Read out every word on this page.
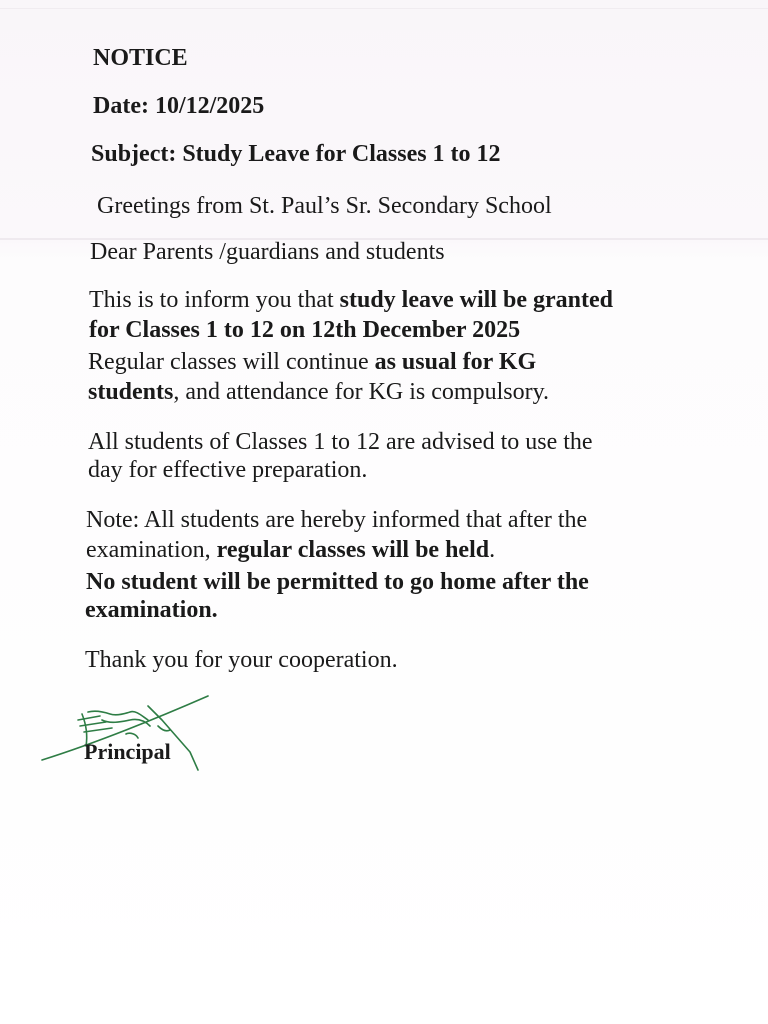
NOTICE
Date: 10/12/2025
Subject: Study Leave for Classes 1 to 12
Greetings from St. Paul’s Sr. Secondary School
Dear Parents /guardians and students
This is to inform you that study leave will be granted
for Classes 1 to 12 on 12th December 2025
Regular classes will continue as usual for KG
students, and attendance for KG is compulsory.
All students of Classes 1 to 12 are advised to use the
day for effective preparation.
Note: All students are hereby informed that after the
examination, regular classes will be held.
No student will be permitted to go home after the
examination.
Thank you for your cooperation.
Principal
